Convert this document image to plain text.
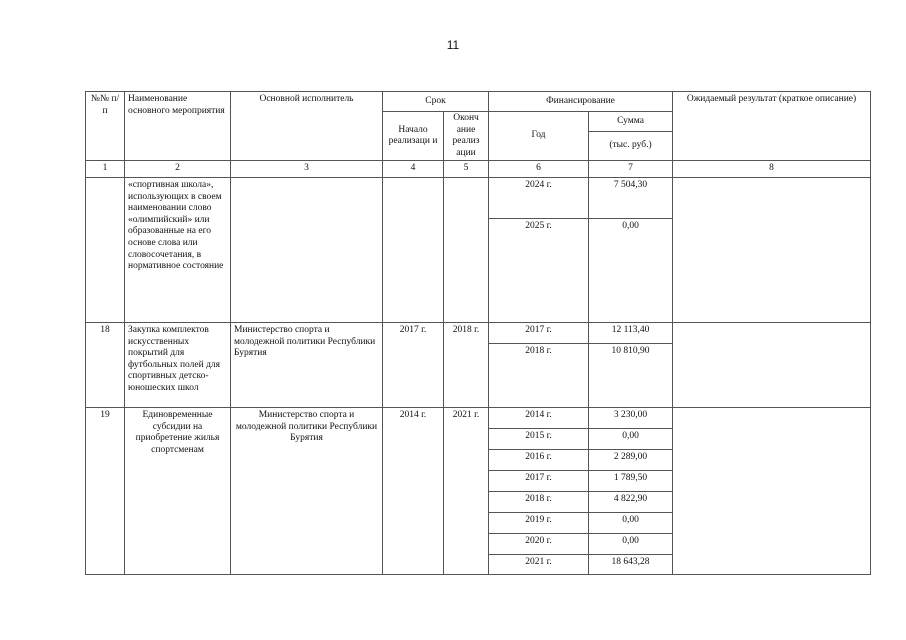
11
№№ п/п	Наименование основного мероприятия	Основной исполнитель	Срок		Финансирование		Ожидаемый результат (краткое описание)
			Начало реализаци и	Оконч ание реализ ации	Год	Сумма	
						(тыс. руб.)	
1	2	3	4	5	6	7	8
	«спортивная школа», использующих в своем наименовании слово «олимпийский» или образованные на его основе слова или словосочетания, в нормативное состояние				2024 г.	7 504,30	
					2025 г.	0,00	
18	Закупка комплектов искусственных покрытий для футбольных полей для спортивных детско-юношеских школ	Министерство спорта и молодежной политики Республики Бурятия	2017 г.	2018 г.	2017 г.	12 113,40	
					2018 г.	10 810,90	
19	Единовременные субсидии на приобретение жилья спортсменам	Министерство спорта и молодежной политики Республики Бурятия	2014 г.	2021 г.	2014 г.	3 230,00	
					2015 г.	0,00	
					2016 г.	2 289,00	
					2017 г.	1 789,50	
					2018 г.	4 822,90	
					2019 г.	0,00	
					2020 г.	0,00	
					2021 г.	18 643,28	
